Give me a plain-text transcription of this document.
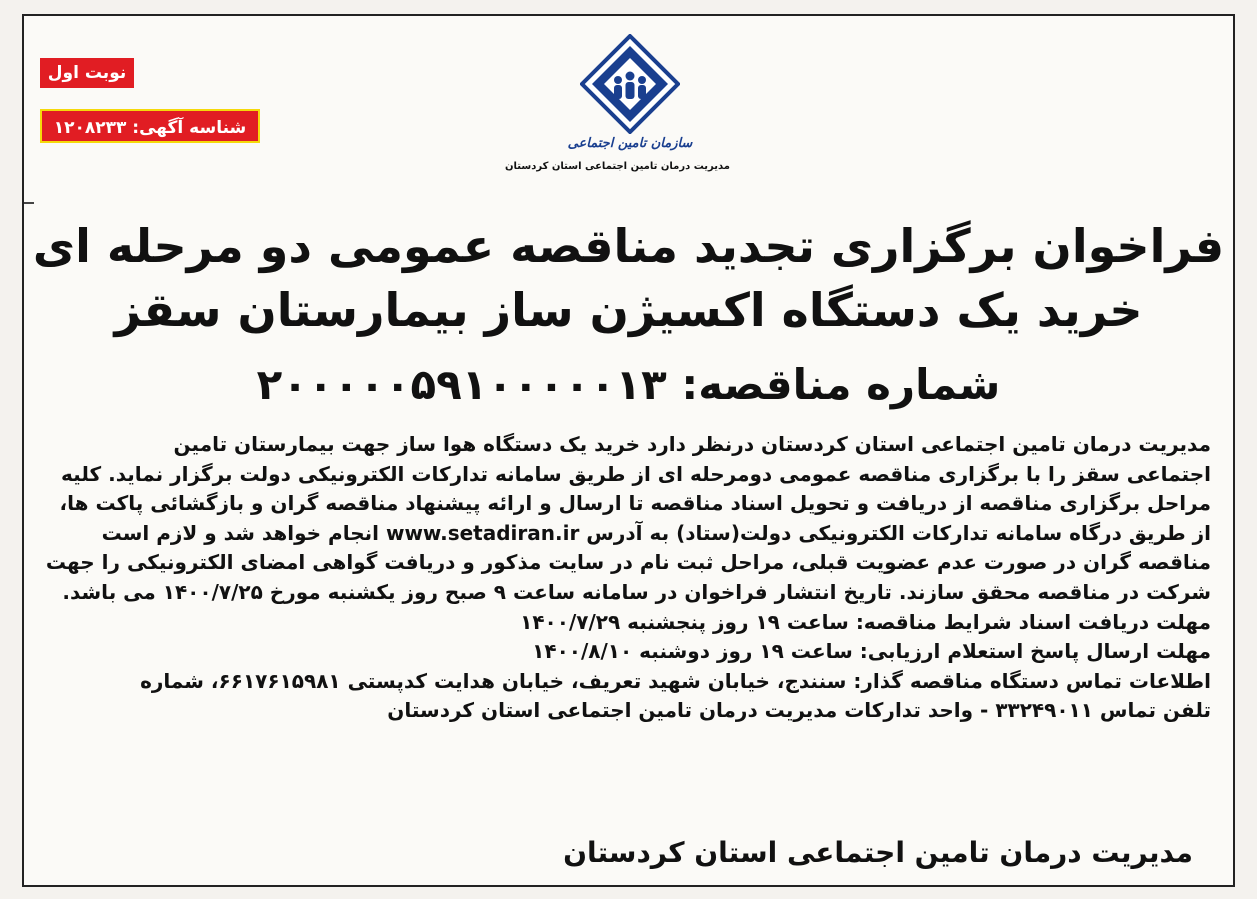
سازمان تامین اجتماعی
مدیریت درمان تامین اجتماعی استان کردستان
نوبت اول
شناسه آگهی: ۱۲۰۸۲۳۳
فراخوان برگزاری تجدید مناقصه عمومی دو مرحله ای
خرید یک دستگاه اکسیژن ساز بیمارستان سقز
شماره مناقصه: ۲۰۰۰۰۰۵۹۱۰۰۰۰۰۱۳
مدیریت درمان تامین اجتماعی استان کردستان درنظر دارد خرید یک دستگاه هوا ساز جهت بیمارستان تامین
اجتماعی سقز را با برگزاری مناقصه عمومی دومرحله ای از طریق سامانه تدارکات الکترونیکی دولت برگزار نماید. کلیه
مراحل برگزاری مناقصه از دریافت و تحویل اسناد مناقصه تا ارسال و ارائه پیشنهاد مناقصه گران و بازگشائی پاکت ها،
از طریق درگاه سامانه تدارکات الکترونیکی دولت(ستاد) به آدرس www.setadiran.ir انجام خواهد شد و لازم است
مناقصه گران در صورت عدم عضویت قبلی، مراحل ثبت نام در سایت مذکور و دریافت گواهی امضای الکترونیکی را جهت
شرکت در مناقصه محقق سازند. تاریخ انتشار فراخوان در سامانه ساعت ۹ صبح روز یکشنبه مورخ ۱۴۰۰/۷/۲۵ می باشد.
مهلت دریافت اسناد شرایط مناقصه: ساعت ۱۹ روز پنجشنبه ۱۴۰۰/۷/۲۹
مهلت ارسال پاسخ استعلام ارزیابی: ساعت ۱۹ روز دوشنبه ۱۴۰۰/۸/۱۰
اطلاعات تماس دستگاه مناقصه گذار: سنندج، خیابان شهید تعریف، خیابان هدایت کدپستی ۶۶۱۷۶۱۵۹۸۱، شماره
تلفن تماس ۳۳۲۴۹۰۱۱ - واحد تدارکات مدیریت درمان تامین اجتماعی استان کردستان
مدیریت درمان تامین اجتماعی استان کردستان
